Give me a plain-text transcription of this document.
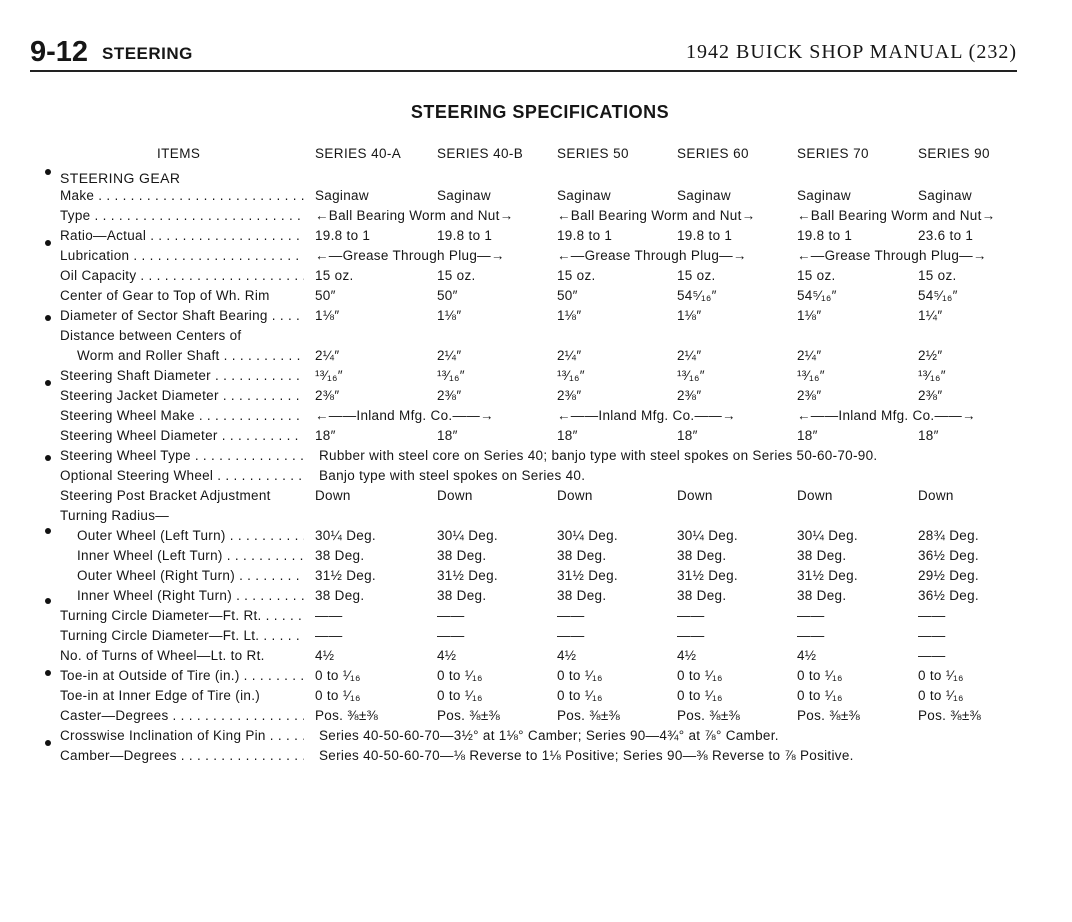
9-12 STEERING	1942 BUICK SHOP MANUAL (232)
STEERING SPECIFICATIONS
ITEMS	SERIES 40-A	SERIES 40-B	SERIES 50	SERIES 60	SERIES 70	SERIES 90
STEERING GEAR
Make . . .	Saginaw	Saginaw	Saginaw	Saginaw	Saginaw	Saginaw
Type . . .	←Ball Bearing Worm and Nut→	←Ball Bearing Worm and Nut→	←Ball Bearing Worm and Nut→
Ratio—Actual . . .	19.8 to 1	19.8 to 1	19.8 to 1	19.8 to 1	19.8 to 1	23.6 to 1
Lubrication . . .	←—Grease Through Plug—→	←—Grease Through Plug—→	←—Grease Through Plug—→
Oil Capacity . . .	15 oz.	15 oz.	15 oz.	15 oz.	15 oz.	15 oz.
Center of Gear to Top of Wh. Rim	50″	50″	50″	54⁵⁄₁₆″	54⁵⁄₁₆″	54⁵⁄₁₆″
Diameter of Sector Shaft Bearing . . .	1⅛″	1⅛″	1⅛″	1⅛″	1⅛″	1¼″
Distance between Centers of
Worm and Roller Shaft . . .	2¼″	2¼″	2¼″	2¼″	2¼″	2½″
Steering Shaft Diameter . . .	¹³⁄₁₆″	¹³⁄₁₆″	¹³⁄₁₆″	¹³⁄₁₆″	¹³⁄₁₆″	¹³⁄₁₆″
Steering Jacket Diameter . . .	2⅜″	2⅜″	2⅜″	2⅜″	2⅜″	2⅜″
Steering Wheel Make . . .	←——Inland Mfg. Co.——→	←——Inland Mfg. Co.——→	←——Inland Mfg. Co.——→
Steering Wheel Diameter . . .	18″	18″	18″	18″	18″	18″
Steering Wheel Type . . .	Rubber with steel core on Series 40; banjo type with steel spokes on Series 50-60-70-90.
Optional Steering Wheel . . .	Banjo type with steel spokes on Series 40.
Steering Post Bracket Adjustment	Down	Down	Down	Down	Down	Down
Turning Radius—
Outer Wheel (Left Turn) . . .	30¼ Deg.	30¼ Deg.	30¼ Deg.	30¼ Deg.	30¼ Deg.	28¾ Deg.
Inner Wheel (Left Turn) . . .	38 Deg.	38 Deg.	38 Deg.	38 Deg.	38 Deg.	36½ Deg.
Outer Wheel (Right Turn) . . .	31½ Deg.	31½ Deg.	31½ Deg.	31½ Deg.	31½ Deg.	29½ Deg.
Inner Wheel (Right Turn) . . .	38 Deg.	38 Deg.	38 Deg.	38 Deg.	38 Deg.	36½ Deg.
Turning Circle Diameter—Ft. Rt. . . .	——	——	——	——	——	——
Turning Circle Diameter—Ft. Lt. . . .	——	——	——	——	——	——
No. of Turns of Wheel—Lt. to Rt.	4½	4½	4½	4½	4½	——
Toe-in at Outside of Tire (in.) . . .	0 to ¹⁄₁₆	0 to ¹⁄₁₆	0 to ¹⁄₁₆	0 to ¹⁄₁₆	0 to ¹⁄₁₆	0 to ¹⁄₁₆
Toe-in at Inner Edge of Tire (in.)	0 to ¹⁄₁₆	0 to ¹⁄₁₆	0 to ¹⁄₁₆	0 to ¹⁄₁₆	0 to ¹⁄₁₆	0 to ¹⁄₁₆
Caster—Degrees . . .	Pos. ⅜±⅜	Pos. ⅜±⅜	Pos. ⅜±⅜	Pos. ⅜±⅜	Pos. ⅜±⅜	Pos. ⅜±⅜
Crosswise Inclination of King Pin . . .	Series 40-50-60-70—3½° at 1⅛° Camber; Series 90—4¾° at ⅞° Camber.
Camber—Degrees . . .	Series 40-50-60-70—⅛ Reverse to 1⅛ Positive; Series 90—⅜ Reverse to ⅞ Positive.
